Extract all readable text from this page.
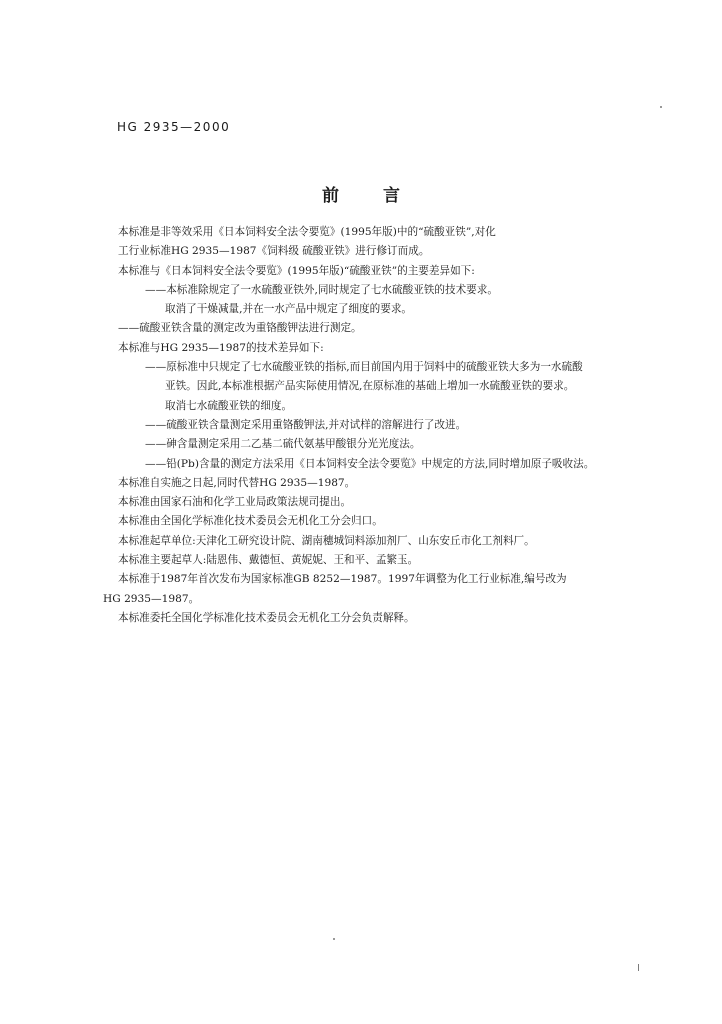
HG 2935—2000
前言
本标准是非等效采用《日本饲料安全法令要览》(1995年版)中的“硫酸亚铁”,对化
工行业标准HG 2935—1987《饲料级 硫酸亚铁》进行修订而成。
本标准与《日本饲料安全法令要览》(1995年版)“硫酸亚铁”的主要差异如下:
——本标准除规定了一水硫酸亚铁外,同时规定了七水硫酸亚铁的技术要求。
取消了干燥减量,并在一水产品中规定了细度的要求。
——硫酸亚铁含量的测定改为重铬酸钾法进行测定。
本标准与HG 2935—1987的技术差异如下:
——原标准中只规定了七水硫酸亚铁的指标,而目前国内用于饲料中的硫酸亚铁大多为一水硫酸
亚铁。因此,本标准根据产品实际使用情况,在原标准的基础上增加一水硫酸亚铁的要求。
取消七水硫酸亚铁的细度。
——硫酸亚铁含量测定采用重铬酸钾法,并对试样的溶解进行了改进。
——砷含量测定采用二乙基二硫代氨基甲酸银分光光度法。
——铅(Pb)含量的测定方法采用《日本饲料安全法令要览》中规定的方法,同时增加原子吸收法。
本标准自实施之日起,同时代替HG 2935—1987。
本标准由国家石油和化学工业局政策法规司提出。
本标准由全国化学标准化技术委员会无机化工分会归口。
本标准起草单位:天津化工研究设计院、湖南穗城饲料添加剂厂、山东安丘市化工剂料厂。
本标准主要起草人:陆恩伟、戴德恒、黄妮妮、王和平、孟繁玉。
本标准于1987年首次发布为国家标准GB 8252—1987。1997年调整为化工行业标准,编号改为
HG 2935—1987。
本标准委托全国化学标准化技术委员会无机化工分会负责解释。
I
